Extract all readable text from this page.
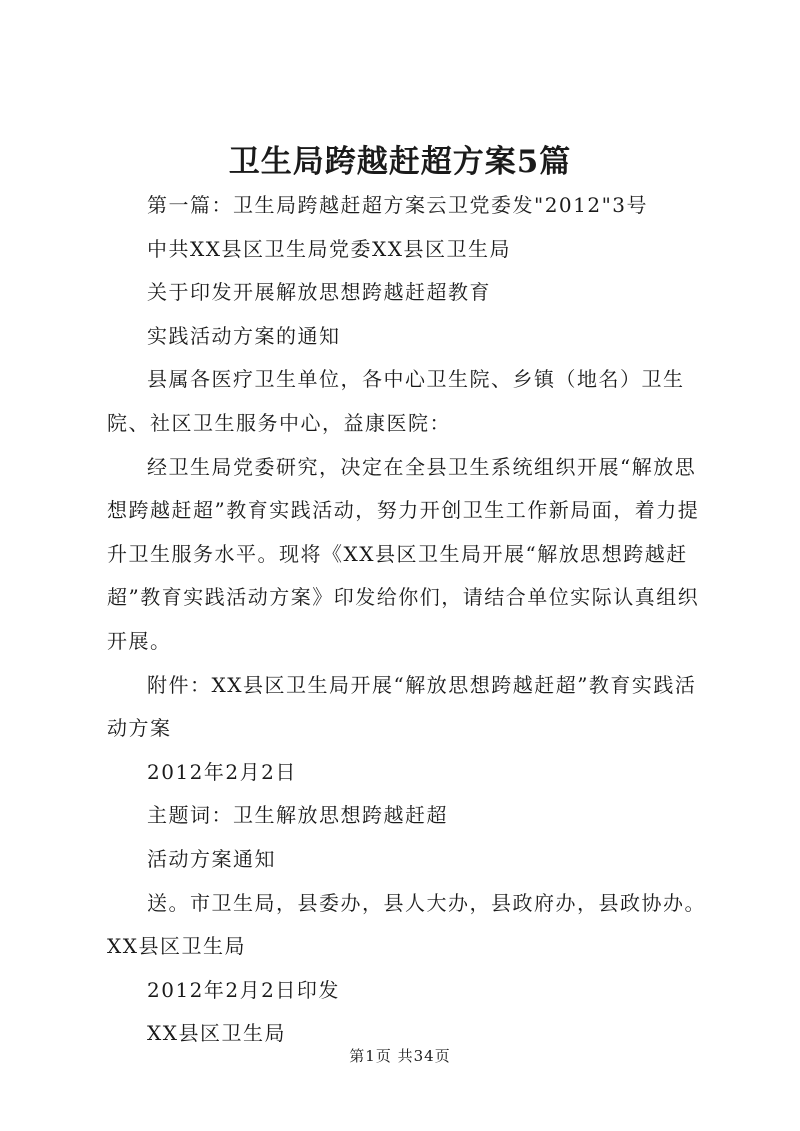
卫生局跨越赶超方案5篇

第一篇：卫生局跨越赶超方案云卫党委发"2012"3号

中共XX县区卫生局党委XX县区卫生局

关于印发开展解放思想跨越赶超教育

实践活动方案的通知

县属各医疗卫生单位，各中心卫生院、乡镇（地名）卫生院、社区卫生服务中心，益康医院：

经卫生局党委研究，决定在全县卫生系统组织开展“解放思想跨越赶超”教育实践活动，努力开创卫生工作新局面，着力提升卫生服务水平。现将《XX县区卫生局开展“解放思想跨越赶超”教育实践活动方案》印发给你们，请结合单位实际认真组织开展。

附件：XX县区卫生局开展“解放思想跨越赶超”教育实践活动方案

2012年2月2日

主题词：卫生解放思想跨越赶超

活动方案通知

送。市卫生局，县委办，县人大办，县政府办，县政协办。XX县区卫生局

2012年2月2日印发

XX县区卫生局

第1页 共34页
